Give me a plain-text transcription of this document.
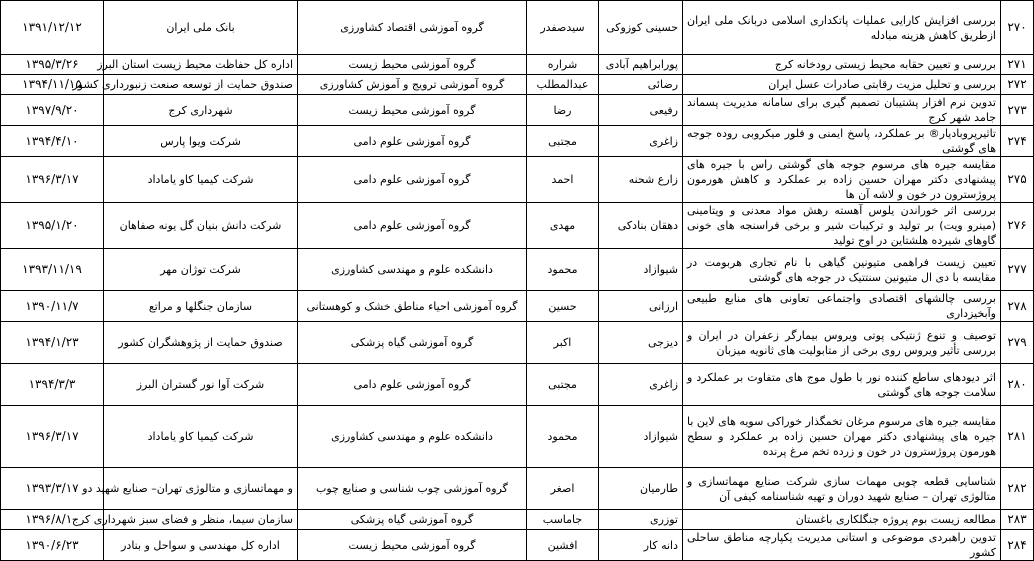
۲۷۰	بررسی افزایش کارایی عملیات پاتکداری اسلامی دربانک ملی ایران ازطریق کاهش هزینه مبادله	حسینی کوزوکی	سیدصفدر	گروه آموزشی اقتصاد کشاورزی	بانک ملی ایران	۱۳۹۱/۱۲/۱۲
۲۷۱	بررسی و تعیین حقابه محیط زیستی رودخانه کرج	پورابراهیم آبادی	شراره	گروه آموزشی محیط زیست	اداره کل حفاظت محیط زیست استان البرز	۱۳۹۵/۳/۲۶
۲۷۲	بررسی و تحلیل مزیت رقابتی صادرات عسل ایران	رضائی	عبدالمطلب	گروه آموزشی ترویج و آموزش کشاورزی	صندوق حمایت از توسعه صنعت زنبورداری کشور	۱۳۹۴/۱۱/۱۵
۲۷۳	تدوین نرم افزار پشتیبان تصمیم گیری برای سامانه مدیریت پسماند جامد شهر کرج	رفیعی	رضا	گروه آموزشی محیط زیست	شهرداری کرج	۱۳۹۷/۹/۲۰
۲۷۴	تاثیرپروبادیار® بر عملکرد، پاسخ ایمنی و فلور میکروبی روده جوجه های گوشتی	زاغری	مجتبی	گروه آموزشی علوم دامی	شرکت ویوا پارس	۱۳۹۴/۴/۱۰
۲۷۵	مقایسه جیره های مرسوم جوجه های گوشتی راس با جیره های پیشنهادی دکتر مهران حسین زاده بر عملکرد و کاهش هورمون پروژسترون در خون و لاشه آن ها	زارع شحنه	احمد	گروه آموزشی علوم دامی	شرکت کیمیا کاو یاماداد	۱۳۹۶/۳/۱۷
۲۷۶	بررسی اثر خوراندن یلوس آهسته رهش مواد معدنی و ویتامینی (مینرو ویت) بر تولید و ترکیبات شیر و برخی فراسنجه های خونی گاوهای شیرده هلشتاین در اوج تولید	دهقان بنادکی	مهدی	گروه آموزشی علوم دامی	شرکت دانش بنیان گل یونه صفاهان	۱۳۹۵/۱/۲۰
۲۷۷	تعیین زیست فراهمی متیونین گیاهی با نام تجاری هربومت در مقایسه با دی ال متیونین سنتتیک در جوجه های گوشتی	شیوازاد	محمود	دانشکده علوم و مهندسی کشاورزی	شرکت توژان مهر	۱۳۹۳/۱۱/۱۹
۲۷۸	بررسی چالشهای اقتصادی واجتماعی تعاونی های منابع طبیعی وآبخیزداری	ارزانی	حسین	گروه آموزشی احیاء مناطق خشک و کوهستانی	سازمان جنگلها و مراتع	۱۳۹۰/۱۱/۷
۲۷۹	توصیف و تنوع ژنتیکی پوتی ویروس بیمارگر زعفران در ایران و بررسی تأثیر ویروس روی برخی از متابولیت های ثانویه میزبان	دیزجی	اکبر	گروه آموزشی گیاه پزشکی	صندوق حمایت از پژوهشگران کشور	۱۳۹۴/۱/۲۳
۲۸۰	اثر دیودهای ساطع کننده نور با طول موج های متفاوت بر عملکرد و سلامت جوجه های گوشتی	زاغری	مجتبی	گروه آموزشی علوم دامی	شرکت آوا نور گستران البرز	۱۳۹۴/۳/۳
۲۸۱	مقایسه جیره های مرسوم مرغان تخمگذار خوراکی سویه های لاین با جیره های پیشنهادی دکتر مهران حسین زاده بر عملکرد و سطح هورمون پروژسترون در خون و زرده تخم مرغ پرنده	شیوازاد	محمود	دانشکده علوم و مهندسی کشاورزی	شرکت کیمیا کاو یاماداد	۱۳۹۶/۳/۱۷
۲۸۲	شناسایی قطعه چوبی مهمات سازی شرکت صنایع مهماتسازی و متالوژی تهران – صنایع شهید دوران و تهیه شناسنامه کیفی آن	طارمیان	اصغر	گروه آموزشی چوب شناسی و صنایع چوب	و مهماتسازی و متالوژی تهران– صنایع شهید دو	۱۳۹۳/۳/۱۷
۲۸۳	مطالعه زیست بوم پروژه جنگلکاری باغستان	توزری	جاماسب	گروه آموزشی گیاه پزشکی	سازمان سیما، منظر و فضای سبز شهرداری کرج	۱۳۹۶/۸/۱۰
۲۸۴	تدوین راهبردی موضوعی و استانی مدیریت یکپارچه مناطق ساحلی کشور	دانه کار	افشین	گروه آموزشی محیط زیست	اداره کل مهندسی و سواحل و بنادر	۱۳۹۰/۶/۲۳
